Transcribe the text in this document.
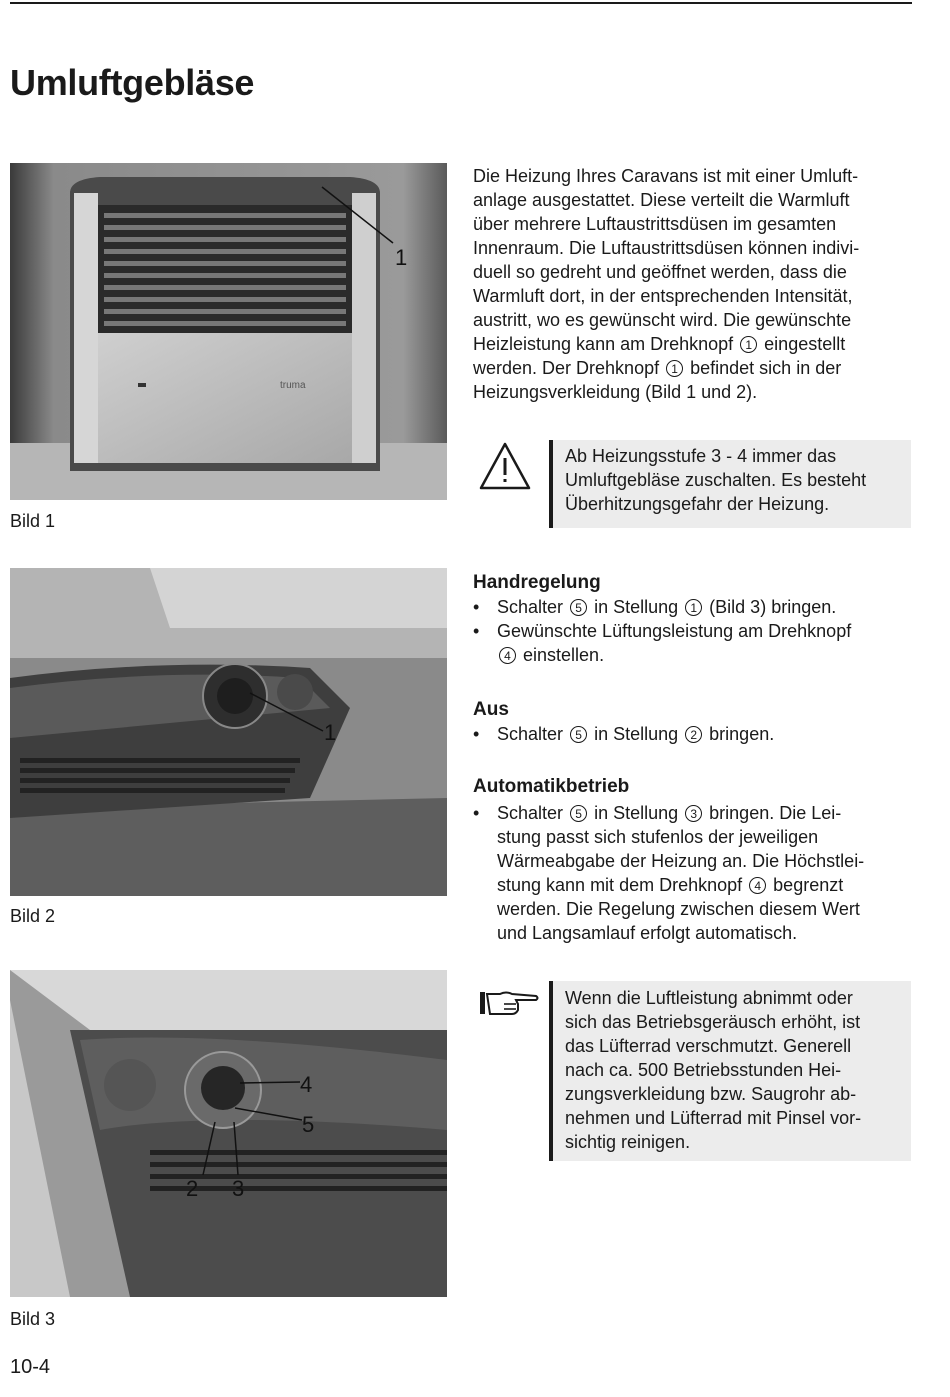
Umluftgebläse
truma
1
Bild 1
1
Bild 2
4
5
2 3
Bild 3

Die Heizung Ihres Caravans ist mit einer Umluft-

anlage ausgestattet. Diese verteilt die Warmluft

über mehrere Luftaustrittsdüsen im gesamten

Innenraum. Die Luftaustrittsdüsen können indivi-

duell so gedreht und geöffnet werden, dass die

Warmluft dort, in der entsprechenden Intensität,

austritt, wo es gewünscht wird. Die gewünschte

Heizleistung kann am Drehknopf 1 eingestellt

werden. Der Drehknopf 1 befindet sich in der

Heizungsverkleidung (Bild 1 und 2).

Ab Heizungsstufe 3 - 4 immer das

Umluftgebläse zuschalten. Es besteht

Überhitzungsgefahr der Heizung.

Handregelung

• Schalter 5 in Stellung 1 (Bild 3) bringen.

• Gewünschte Lüftungsleistung am Drehknopf
4 einstellen.

Aus

• Schalter 5 in Stellung 2 bringen.

Automatikbetrieb

• Schalter 5 in Stellung 3 bringen. Die Lei-

stung passt sich stufenlos der jeweiligen

Wärmeabgabe der Heizung an. Die Höchstlei-

stung kann mit dem Drehknopf 4 begrenzt

werden. Die Regelung zwischen diesem Wert

und Langsamlauf erfolgt automatisch.

Wenn die Luftleistung abnimmt oder

sich das Betriebsgeräusch erhöht, ist

das Lüfterrad verschmutzt. Generell

nach ca. 500 Betriebsstunden Hei-

zungsverkleidung bzw. Saugrohr ab-

nehmen und Lüfterrad mit Pinsel vor-

sichtig reinigen.

10-4
